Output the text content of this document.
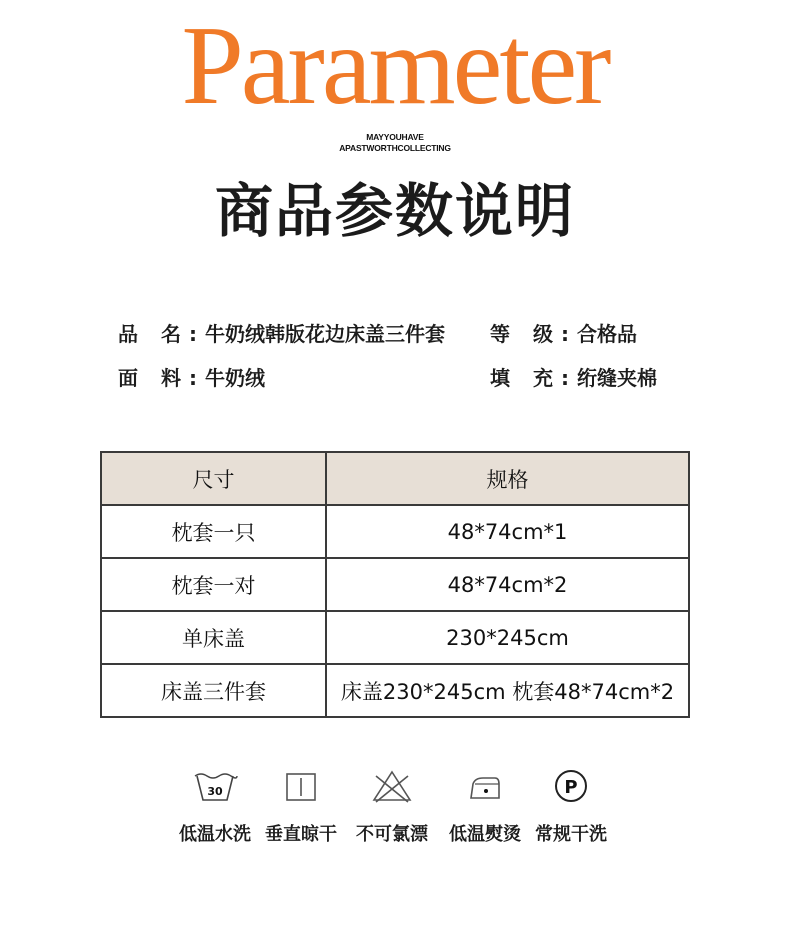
Parameter
MAYYOUHAVE
APASTWORTHCOLLECTING
商品参数说明
品 名:牛奶绒韩版花边床盖三件套 等 级:合格品
面 料:牛奶绒	填 充:绗缝夹棉
尺寸	规格
枕套一只	48*74cm*1
枕套一对	48*74cm*2
单床盖	230*245cm
床盖三件套	床盖230*245cm 枕套48*74cm*2
30
低温水洗 垂直晾干	不可氯漂	低温熨烫
P
常规干洗
